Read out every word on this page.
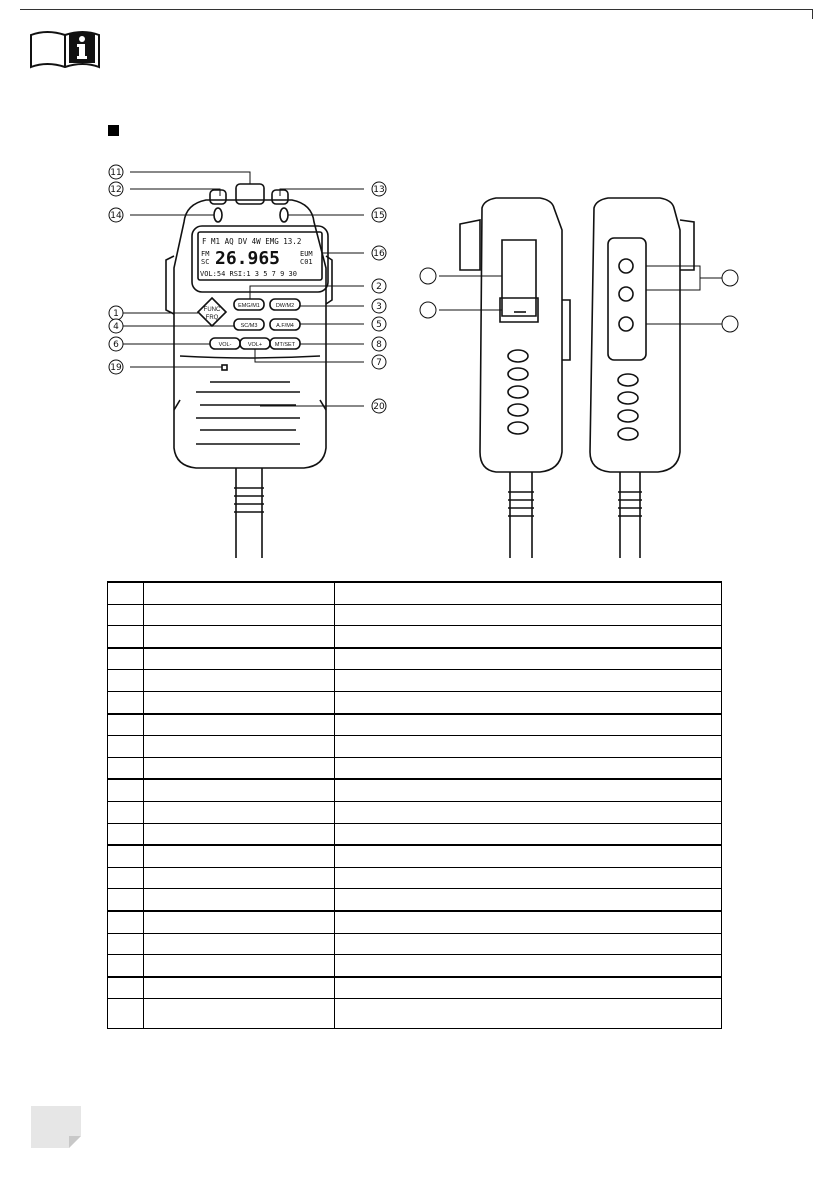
F M1 AQ DV 4W EMG 13.2
FM
SC 26.965	EUM
C01
VOL:54 RSI:1 3 5 7 9 30
FUNC
FRQ
EMG/M1	DW/M2
SC/M3	A.F/M4
VOL-	VOL+ MT/SET
11
12	13
14	15
16
2
1
3
4	5
6	8
7
19
20
